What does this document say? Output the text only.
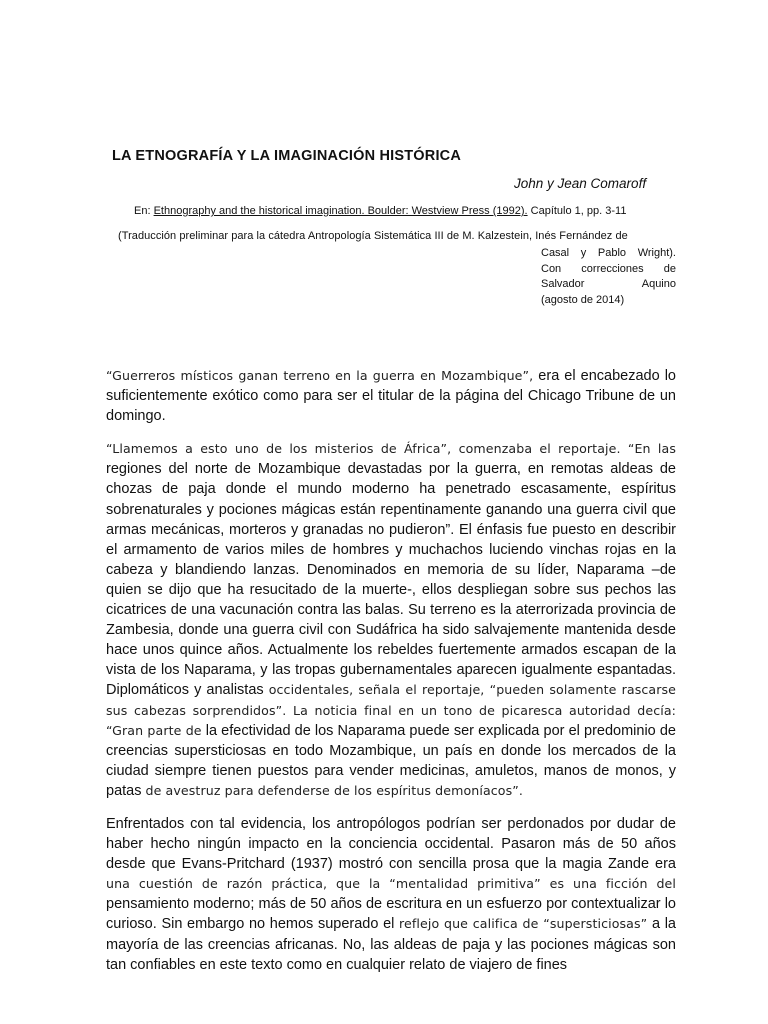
LA ETNOGRAFÍA Y LA IMAGINACIÓN HISTÓRICA

John y Jean Comaroff

En: Ethnography and the historical imagination. Boulder: Westview Press (1992). Capítulo 1, pp. 3-11

(Traducción preliminar para la cátedra Antropología Sistemática III de M. Kalzestein, Inés Fernández de

Casal y Pablo Wright).
Con correcciones de
Salvador Aquino
(agosto de 2014)

“Guerreros místicos ganan terreno en la guerra en Mozambique”, era el encabezado lo suficientemente exótico como para ser el titular de la página del Chicago Tribune de un domingo.

“Llamemos a esto uno de los misterios de África”, comenzaba el reportaje. “En las regiones del norte de Mozambique devastadas por la guerra, en remotas aldeas de chozas de paja donde el mundo moderno ha penetrado escasamente, espíritus sobrenaturales y pociones mágicas están repentinamente ganando una guerra civil que armas mecánicas, morteros y granadas no pudieron”. El énfasis fue puesto en describir el armamento de varios miles de hombres y muchachos luciendo vinchas rojas en la cabeza y blandiendo lanzas. Denominados en memoria de su líder, Naparama –de quien se dijo que ha resucitado de la muerte-, ellos despliegan sobre sus pechos las cicatrices de una vacunación contra las balas. Su terreno es la aterrorizada provincia de Zambesia, donde una guerra civil con Sudáfrica ha sido salvajemente mantenida desde hace unos quince años. Actualmente los rebeldes fuertemente armados escapan de la vista de los Naparama, y las tropas gubernamentales aparecen igualmente espantadas. Diplomáticos y analistas occidentales, señala el reportaje, “pueden solamente rascarse sus cabezas sorprendidos”. La noticia final en un tono de picaresca autoridad decía: “Gran parte de la efectividad de los Naparama puede ser explicada por el predominio de creencias supersticiosas en todo Mozambique, un país en donde los mercados de la ciudad siempre tienen puestos para vender medicinas, amuletos, manos de monos, y patas de avestruz para defenderse de los espíritus demoníacos”.

Enfrentados con tal evidencia, los antropólogos podrían ser perdonados por dudar de haber hecho ningún impacto en la conciencia occidental. Pasaron más de 50 años desde que Evans-Pritchard (1937) mostró con sencilla prosa que la magia Zande era una cuestión de razón práctica, que la “mentalidad primitiva” es una ficción del pensamiento moderno; más de 50 años de escritura en un esfuerzo por contextualizar lo curioso. Sin embargo no hemos superado el reflejo que califica de “supersticiosas” a la mayoría de las creencias africanas. No, las aldeas de paja y las pociones mágicas son tan confiables en este texto como en cualquier relato de viajero de fines
